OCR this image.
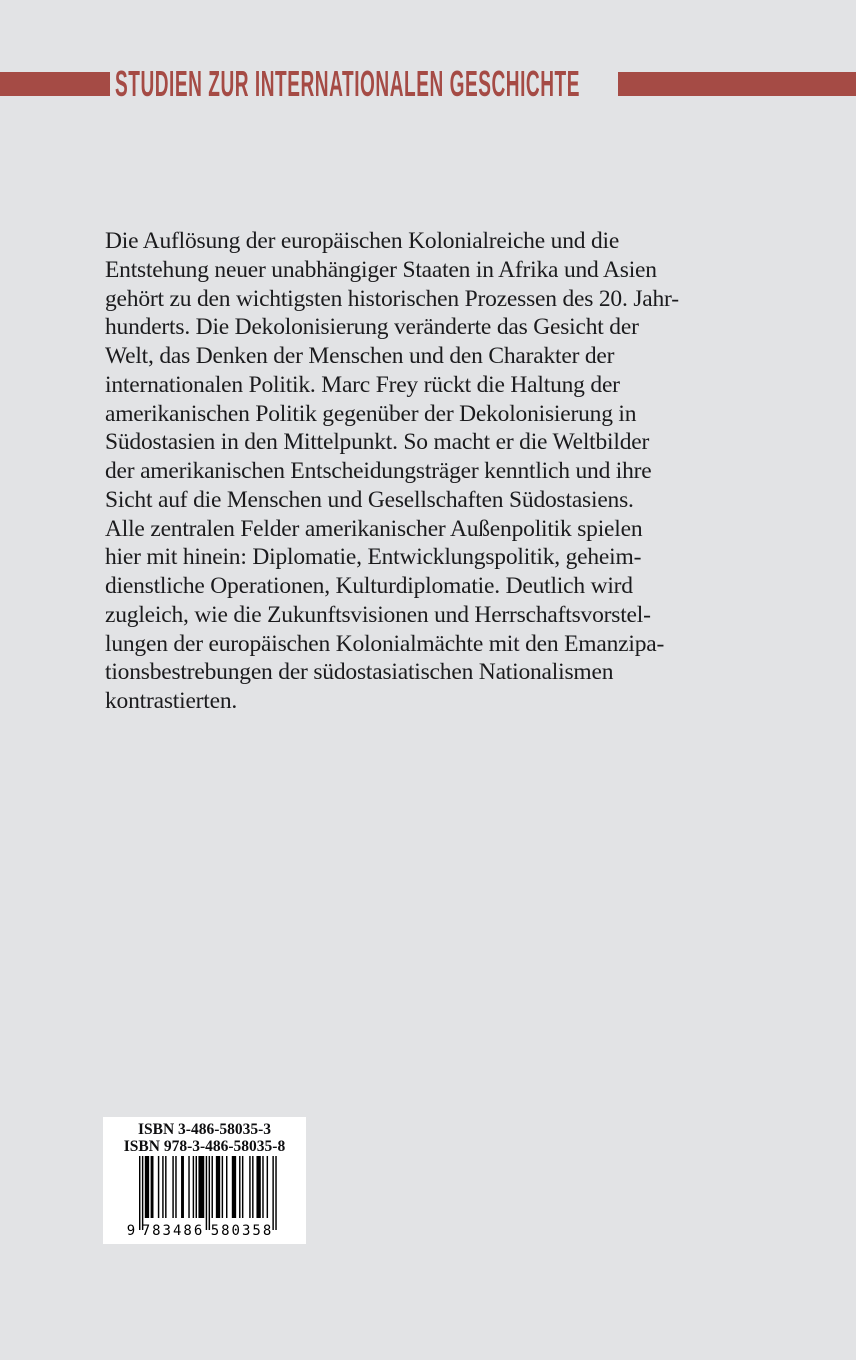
STUDIEN ZUR INTERNATIONALEN GESCHICHTE
Die Auflösung der europäischen Kolonialreiche und die
Entstehung neuer unabhängiger Staaten in Afrika und Asien
gehört zu den wichtigsten historischen Prozessen des 20. Jahr-
hunderts. Die Dekolonisierung veränderte das Gesicht der
Welt, das Denken der Menschen und den Charakter der
internationalen Politik. Marc Frey rückt die Haltung der
amerikanischen Politik gegenüber der Dekolonisierung in
Südostasien in den Mittelpunkt. So macht er die Weltbilder
der amerikanischen Entscheidungsträger kenntlich und ihre
Sicht auf die Menschen und Gesellschaften Südostasiens.
Alle zentralen Felder amerikanischer Außenpolitik spielen
hier mit hinein: Diplomatie, Entwicklungspolitik, geheim-
dienstliche Operationen, Kulturdiplomatie. Deutlich wird
zugleich, wie die Zukunftsvisionen und Herrschaftsvorstel-
lungen der europäischen Kolonialmächte mit den Emanzipa-
tionsbestrebungen der südostasiatischen Nationalismen
kontrastierten.
ISBN 3-486-58035-3
ISBN 978-3-486-58035-8
9 783486 580358
